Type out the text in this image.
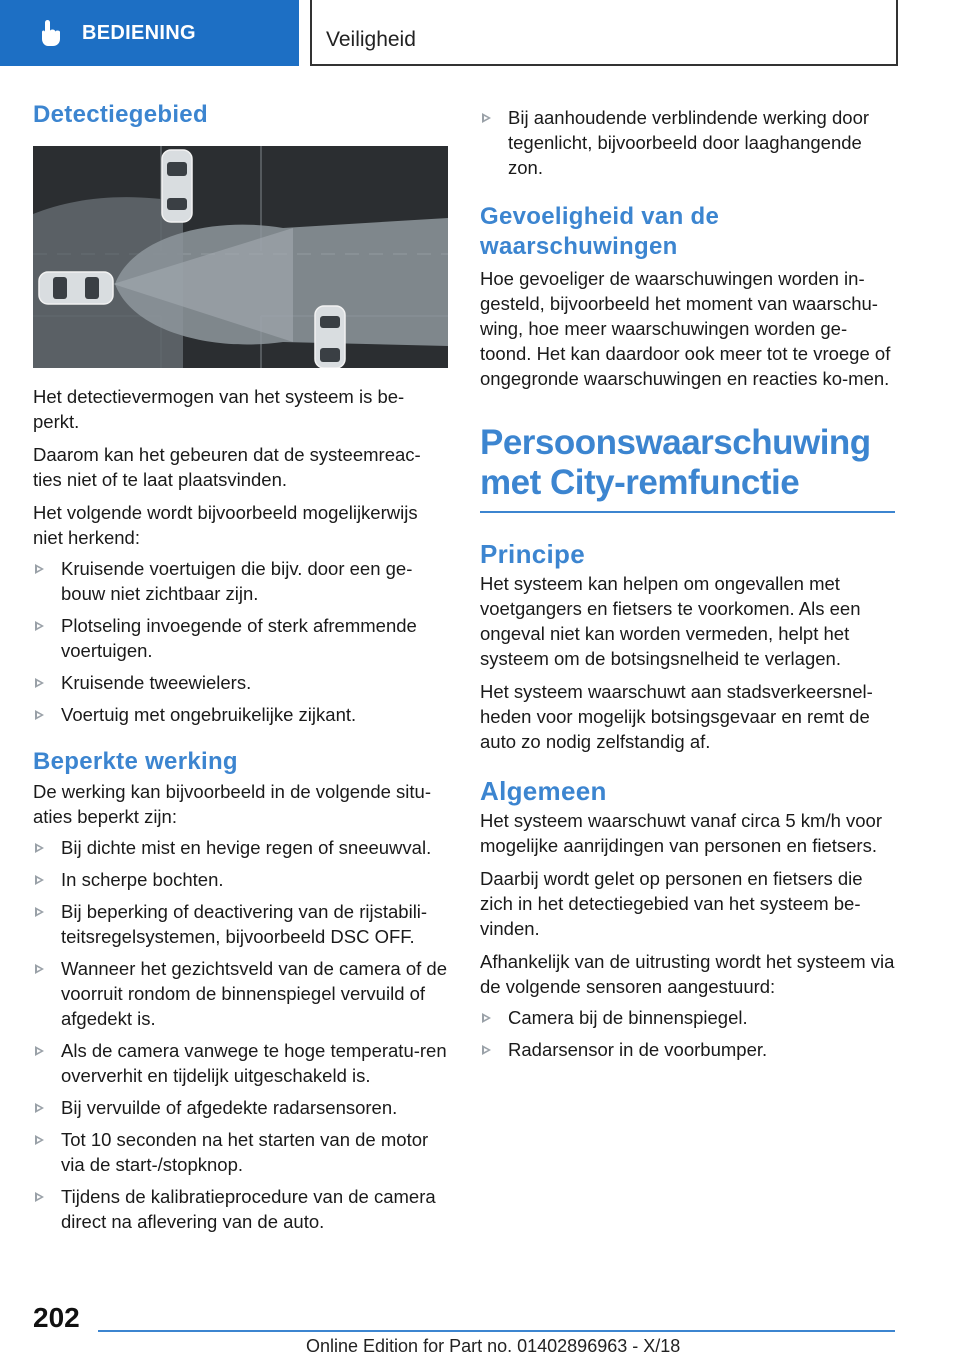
BEDIENING	Veiligheid
Detectiegebied

Het detectievermogen van het systeem is be-perkt.

Daarom kan het gebeuren dat de systeemreac-ties niet of te laat plaatsvinden.

Het volgende wordt bijvoorbeeld mogelijkerwijs niet herkend:

Kruisende voertuigen die bijv. door een ge-bouw niet zichtbaar zijn.
Plotseling invoegende of sterk afremmende voertuigen.
Kruisende tweewielers.
Voertuig met ongebruikelijke zijkant.
Beperkte werking

De werking kan bijvoorbeeld in de volgende situ-aties beperkt zijn:

Bij dichte mist en hevige regen of sneeuwval.
In scherpe bochten.
Bij beperking of deactivering van de rijstabili-teitsregelsystemen, bijvoorbeeld DSC OFF.
Wanneer het gezichtsveld van de camera of de voorruit rondom de binnenspiegel vervuild of afgedekt is.
Als de camera vanwege te hoge temperatu-ren oververhit en tijdelijk uitgeschakeld is.
Bij vervuilde of afgedekte radarsensoren.
Tot 10 seconden na het starten van de motor via de start-/stopknop.
Tijdens de kalibratieprocedure van de camera direct na aflevering van de auto.
Bij aanhoudende verblindende werking door tegenlicht, bijvoorbeeld door laaghangende zon.
Gevoeligheid van de waarschuwingen

Hoe gevoeliger de waarschuwingen worden in-gesteld, bijvoorbeeld het moment van waarschu-wing, hoe meer waarschuwingen worden ge-toond. Het kan daardoor ook meer tot te vroege of ongegronde waarschuwingen en reacties ko-men.

Persoonswaarschuwing met City-remfunctie
Principe

Het systeem kan helpen om ongevallen met voetgangers en fietsers te voorkomen. Als een ongeval niet kan worden vermeden, helpt het systeem om de botsingsnelheid te verlagen.

Het systeem waarschuwt aan stadsverkeersnel-heden voor mogelijk botsingsgevaar en remt de auto zo nodig zelfstandig af.

Algemeen

Het systeem waarschuwt vanaf circa 5 km/h voor mogelijke aanrijdingen van personen en fietsers.

Daarbij wordt gelet op personen en fietsers die zich in het detectiegebied van het systeem be-vinden.

Afhankelijk van de uitrusting wordt het systeem via de volgende sensoren aangestuurd:

Camera bij de binnenspiegel.
Radarsensor in de voorbumper.
202
Online Edition for Part no. 01402896963 - X/18
